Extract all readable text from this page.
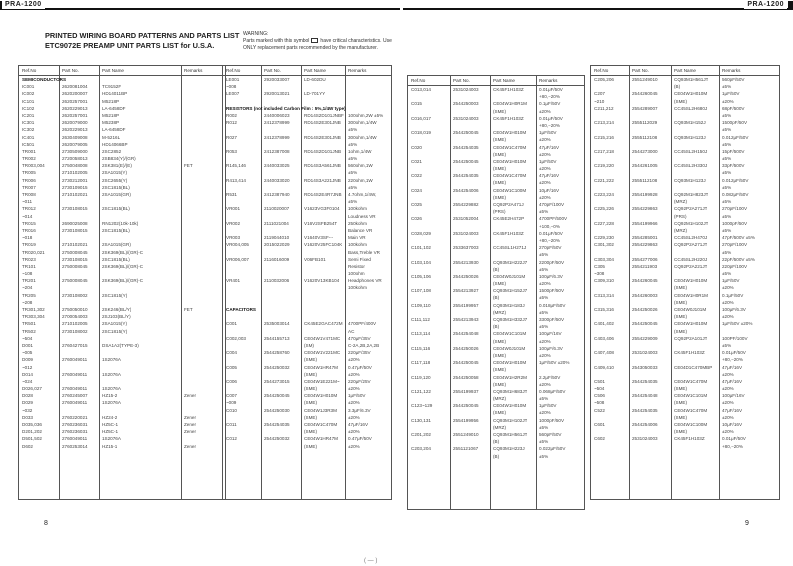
PRA-1200	PRA-1200
PRINTED WIRING BOARD PATTERNS AND PARTS LIST
ETC9072E PREAMP UNIT PARTS LIST for U.S.A.
WARNING:
Parts marked with this symbol have critical characteristics. Use ONLY replacement parts recommended by the manufacturer.
Ref.No	Part No.	Part Name	Remarks
SEMICONDUCTORS
IC001	2620081004	TC9152F
IC002	2620200007	HD14011BP
IC101	2620257001	M5218P
IC102	2620229013	LA-6458DF
IC201	2620257001	M5218P
IC301	2620079000	M5238P
IC302	2620229013	LA-6458DF
IC401	2630409008	M-5216L
IC501	2620079005	HD14066BP
TR001	2730509000	2SC2852
TR002	2720058013	2SB834(Y)/(GR)
TR003,004	2750048008	2SK381(E)/(E)	FET
TR005	2710102005	2SA1015(Y)
TR006	2730212001	2SC2655(Y)
TR007	2730109015	2SC1815(BL)
TR008	2710102021	2SA1015(GR)
~011
TR012	2730108015	2SC1815(BL)
~014
TR015	2690025008	RN1202(10k-10k)
TR016	2730108015	2SC1815(BL)
~018
TR019	2710102021	2SA1015(GR)
TR020,021	2750008045	2SK369(BL)/(GR)-C
TR023	2730108015	2SC1815(BL)
TR101	2750008045	2SK369(BL)/(GR)-C
~108
TR201	2750008045	2SK369(BL)/(GR)-C
~204
TR205	2730108002	2SC1815(Y)
~208
TR301,302	2750050010	2SK246(BL/Y)	FET
TR303,304	2700054003	2SJ103(BL/Y)
TR501	2710102005	2SA1015(Y)
TR502	2730108002	2SC1815(Y)
~504
D001	2760427015	DSA1A2(TYPE-3)
~005
D009	2760049011	1S2076A
~012
D014	2760049011	1S2076A
~024
D026,027	2760049011	1S2076A
D028	2760245007	HZ15-2	Zener
D029	2760049011	1S2076A
~032
D033	2760220021	HZ24-2	Zener
D035,036	2760236031	HZ5C-1	Zener
D201,202	2760236031	HZ5C-1	Zener
D501,502	2760049011	1S2076A
D602	2760253014	HZ15-1	Zener
Ref.No	Part No.	Part Name	Remarks
LE001	2920033007	LD-602DU
~008
LE007	2920013021	LD-701YY
RESISTORS (not included Carbon Film : 5%,1/4W type)
R002	2440006023	RD14S2D101JNBF 100ohm,2W ±5%
R012	2412378999	RD14S2E301JNB 300ohm,1/4W
±5%
R027	2412378999	RD14S2E301JNB 300ohm,1/4W
±5%
R053	2412387008	RD14S2D101JNB 1ohm,1/4W
±5%
R145,146	2440033025	RD14S3A561JNB 560ohm,1W
±5%
R413,414	2440033020	RD14S3A221JNB 220ohm,1W
±5%
R531	2412387940	RD14S2E4R7JNB 4.7ohm,1/4W,
±5%
VR001	2110020007	V1623VG3F0104 100kohm
Loudness VR
VR002	2111021004	V16V2SFB254T 250kohm
Balance VR
VR003	2119044010	V1640V3SF---	Main VR
VR004,005	2015022029	V1620V25FC104K 100kohm
Bass,Treble VR
VR006,007	2116016009	V06FB101	Semi Fixed
Resistor
100ohm
VR401	2110032006	V1620V13KB104 Headphones VR
100kohm
CAPACITORS
C001	2535003014	CK45E2GAC472M 4700PF/400V
AC
C002,003	2544155713	CE04W1V471MC 470μF/35V
(SM)	C-2A,2B,2A,2B
C004	2544258760	CE04W1V221MC 220μF/35V
(SME)	±20%
C005	2544250032	CE04W1HR47M 0.47μF/50V
(SME)	±20%
C006	2544273015	CE04W1E221M~ 220μF/25V
(SME)	±20%
C007	2544250045	CE04W1H010M 1μF/50V
~009	(SME)	±20%
C010	2544250030	CE04W1J3R3M 3.3μF/6.3V
(SME)	±20%
C011	2544254035	CE04W1C470M 47μF/16V
(SME)	±20%
C012	2544250032	CE04W1HR47M 0.47μF/50V
(SME)	±20%
Ref.No	Part No.	Part Name	Remarks
C013,014	2531024003	CK45F1H103Z	0.01μF/50V
+80,−20%
C015	2544250003	CE04W1H0R1M	0.1μF/50V
(SME)	±20%
C016,017	2531024003	CK45F1H103Z	0.01μF/50V
+80,−20%
C018,019	2544250045	CE04W1H010M	1μF/50V
(SME)	±20%
C020	2544254035	CE04W1C470M	47μF/16V
(SME)	±20%
C021	2544250045	CE04W1H010M	1μF/50V
(SME)	±20%
C022	2544254035	CE04W1C470M	47μF/16V
(SME)	±20%
C024	2544254006	CE04W1C100M	10μF/16V
(SME)	±20%
C025	2554229882	CQ92P2A471J	470pF/100V
(PRS)	±5%
C026	2531052004	CK45E2H472P	4700PF/500V
+100,−0%
C028,029	2531024003	CK45F1H103Z	0.01μF/50V
+80,−20%
C101,102	2533637003	CC45SL1H271J	270pF/50V
±5%
C103,104	2554213930	CQ93M1H222J7	2200pF/50V
(B)	±5%
C105,106	2544250026	CE04W0J101M	100μF/6.3V
(SME)	±20%
C107,108	2554213927	CQ93M1H152J7	1500pF/50V
(B)	±5%
C109,110	2554199957	CQ93M1H183J	0.018μF/50V
(MRZ)	±5%
C111,112	2554213943	CQ93M1H332J7	3300pF/50V
(B)	±5%
C113,114	2544254048	CE04W1C101M	100μF/16V
(SME)	±20%
C115,116	2544250026	CE04W0J101M	100μF/6.3V
(SME)	±20%
C117,118	2544250045	CE04W1H010M	1μF/50V ±20%
(SME)
C119,120	2544250058	CE04W1H2R2M	2.2μF/50V
(SME)	±20%
C121,122	2554199937	CQ93M1H683JT	0.068μF/50V
(MRZ)	±5%
C123~129	2544250045	CE04W1H010M	1μF/50V
(SME)	±20%
C130,131	2554199956	CQ93M1H102JT	1000pF/50V
(MRZ)	±5%
C201,202	2551249010	CQ93M1H561JT	560pF/50V
(B)	±5%
C203,204	2551121067	CQ93M1H223J	0.022μF/50V
(B)	±5%
Ref.No	Part No.	Part Name	Remarks
C205,206	2551249010	CQ93M1H561JT	560pF/50V
(B)	±5%
C207	2544260045	CE04W1H010M	1μF/50V
~210	(SME)	±20%
C211,212	2554289007	CC45SL2H680J	68pF/500V
±5%
C213,214	2555112029	CQ93M1H152J	1500pF/50V
±5%
C215,216	2555112108	CQ93M1H123J	0.012μF/50V
±5%
C217,218	2544273000	CC45SL2H150J	15pF/500V
±5%
C219,220	2544261005	CC45SL2H330J	33pF/500V
±5%
C221,222	2555112108	CQ93M1H123J	0.012μF/50V
±5%
C223,224	2554199928	CQ92M1H823JT	0.082μF/50V
(MRZ)	±5%
C225,226	2554229863	CQ92P2A271JT	270pF/100V
(PRS)	±5%
C227,228	2554199966	CQ92M1H102JT	1000pF/50V
(MRZ)	±5%
C229,230	2554285001	CC45SL2H470J	47pF/500V ±5%
C301,302	2554229863	CQ92P2A271JT	270pF/100V
±5%
C303,304	2554277006	CC45SL2H220J	22pF/500V ±5%
C305	2554211903	CQ92P2A221JT	220pF/100V
~308	±5%
C309,310	2544260045	CE04W1H010M	1μF/50V
(SME)	±20%
C313,314	2544260003	CE04W1H0R1M	0.1μF/50V
(SME)	±20%
C315,316	2544250026	CE04W0J101M	100μF/6.3V
(SME)	±20%
C401,402	2544250045	CE04W1H010M	1μF/50V ±20%
(SME)
C403,406	2554229009	CQ92P2A101JT	100PF/100V
±5%
C407,408	2531024003	CK45F1H103Z	0.01μF/50V
+80,−20%
C409,410	2543050033	CE04D1C470MBP 47μF/16V
±20%
C501	2544254035	CE04W1C470M	47μF/16V
~504	(SME)	±20%
C506	2544254048	CE04W1C101M	100μF/16V
~508	(SME)	±20%
C522	2544254035	CE04W1C470M	47μF/16V
(SME)	±20%
C601	2544254006	CE04W1C100M	10μF/16V
(SME)	±20%
C602	2531024003	CK45F1H103Z	0.01μF/50V
+80,−20%
8	9
( — )
